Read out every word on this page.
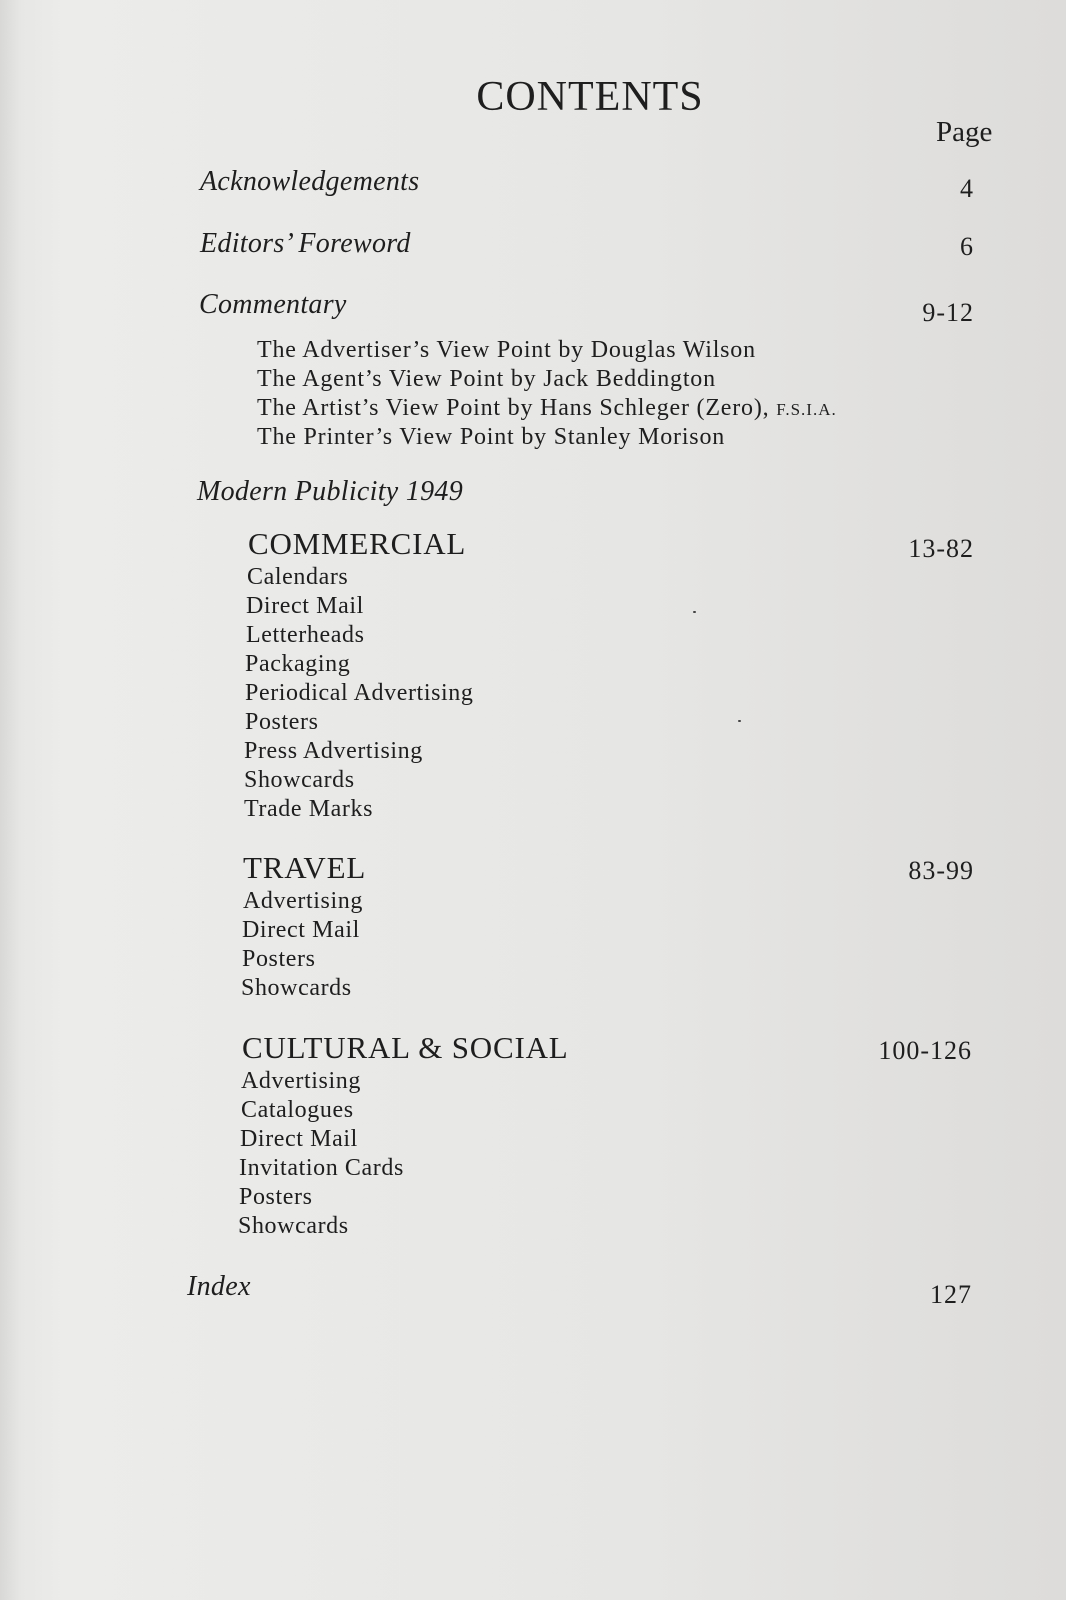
CONTENTS
Page
Acknowledgements	4
Editors’ Foreword	6
Commentary	9-12
The Advertiser’s View Point by Douglas Wilson
The Agent’s View Point by Jack Beddington
The Artist’s View Point by Hans Schleger (Zero), F.S.I.A.
The Printer’s View Point by Stanley Morison
Modern Publicity 1949
COMMERCIAL	13-82
Calendars
Direct Mail
Letterheads
Packaging
Periodical Advertising
Posters
Press Advertising
Showcards
Trade Marks
TRAVEL	83-99
Advertising
Direct Mail
Posters
Showcards
CULTURAL & SOCIAL	100-126
Advertising
Catalogues
Direct Mail
Invitation Cards
Posters
Showcards
Index	127
